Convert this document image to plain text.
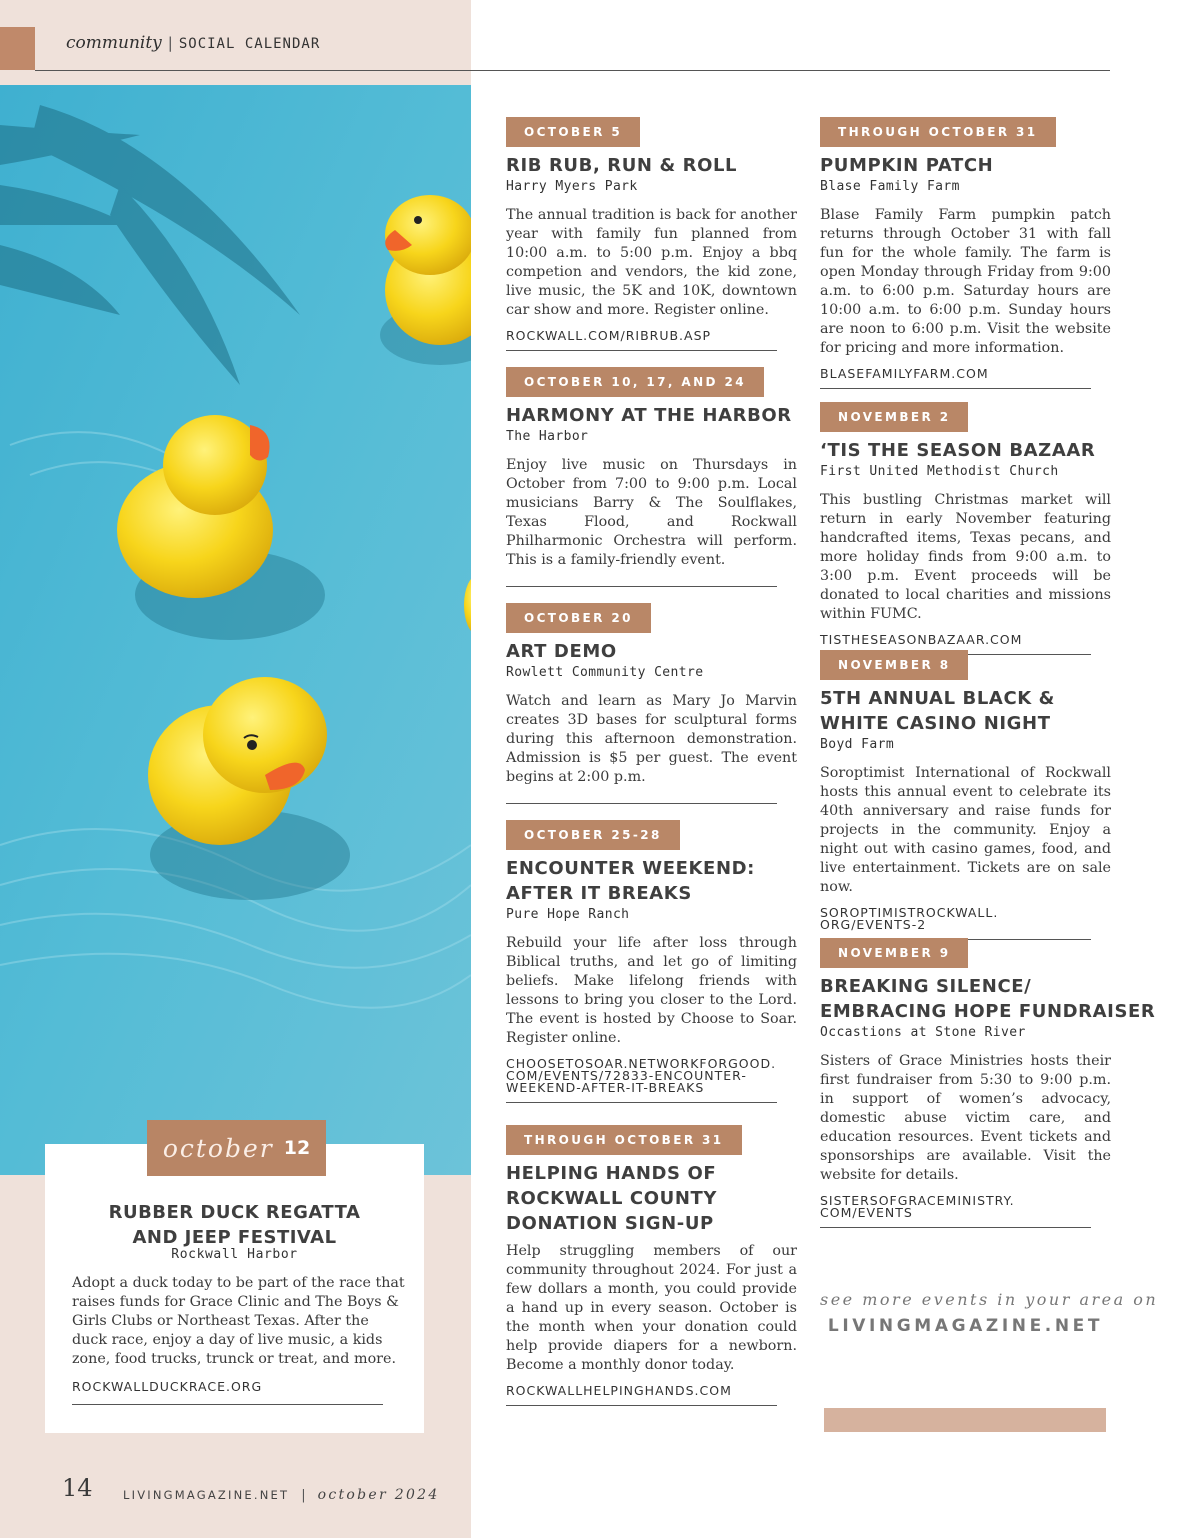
community | SOCIAL CALENDAR
october 12
RUBBER DUCK REGATTA
AND JEEP FESTIVAL
Rockwall Harbor
Adopt a duck today to be part of the race that raises funds for Grace Clinic and The Boys & Girls Clubs or Northeast Texas. After the duck race, enjoy a day of live music, a kids zone, food trucks, trunck or treat, and more.
ROCKWALLDUCKRACE.ORG
OCTOBER 5
RIB RUB, RUN & ROLL
Harry Myers Park
The annual tradition is back for another year with family fun planned from 10:00 a.m. to 5:00 p.m. Enjoy a bbq competion and vendors, the kid zone, live music, the 5K and 10K, downtown car show and more. Register online.
ROCKWALL.COM/RIBRUB.ASP
OCTOBER 10, 17, AND 24
HARMONY AT THE HARBOR
The Harbor
Enjoy live music on Thursdays in October from 7:00 to 9:00 p.m. Local musicians Barry & The Soulflakes, Texas Flood, and Rockwall Philharmonic Orchestra will perform. This is a family-friendly event.
OCTOBER 20
ART DEMO
Rowlett Community Centre
Watch and learn as Mary Jo Marvin creates 3D bases for sculptural forms during this afternoon demonstration. Admission is $5 per guest. The event begins at 2:00 p.m.
OCTOBER 25-28
ENCOUNTER WEEKEND:
AFTER IT BREAKS
Pure Hope Ranch
Rebuild your life after loss through Biblical truths, and let go of limiting beliefs. Make lifelong friends with lessons to bring you closer to the Lord. The event is hosted by Choose to Soar. Register online.
CHOOSETOSOAR.NETWORKFORGOOD.
COM/EVENTS/72833-ENCOUNTER-
WEEKEND-AFTER-IT-BREAKS
THROUGH OCTOBER 31
HELPING HANDS OF
ROCKWALL COUNTY
DONATION SIGN-UP
Help struggling members of our community throughout 2024. For just a few dollars a month, you could provide a hand up in every season. October is the month when your donation could help provide diapers for a newborn. Become a monthly donor today.
ROCKWALLHELPINGHANDS.COM
THROUGH OCTOBER 31
PUMPKIN PATCH
Blase Family Farm
Blase Family Farm pumpkin patch returns through October 31 with fall fun for the whole family. The farm is open Monday through Friday from 9:00 a.m. to 6:00 p.m. Saturday hours are 10:00 a.m. to 6:00 p.m. Sunday hours are noon to 6:00 p.m. Visit the website for pricing and more information.
BLASEFAMILYFARM.COM
NOVEMBER 2
‘TIS THE SEASON BAZAAR
First United Methodist Church
This bustling Christmas market will return in early November featuring handcrafted items, Texas pecans, and more holiday finds from 9:00 a.m. to 3:00 p.m. Event proceeds will be donated to local charities and missions within FUMC.
TISTHESEASONBAZAAR.COM
NOVEMBER 8
5TH ANNUAL BLACK &
WHITE CASINO NIGHT
Boyd Farm
Soroptimist International of Rockwall hosts this annual event to celebrate its 40th anniversary and raise funds for projects in the community. Enjoy a night out with casino games, food, and live entertainment. Tickets are on sale now.
SOROPTIMISTROCKWALL.
ORG/EVENTS-2
NOVEMBER 9
BREAKING SILENCE/
EMBRACING HOPE FUNDRAISER
Occastions at Stone River
Sisters of Grace Ministries hosts their first fundraiser from 5:30 to 9:00 p.m. in support of women’s advocacy, domestic abuse victim care, and education resources. Event tickets and sponsorships are available. Visit the website for details.
SISTERSOFGRACEMINISTRY.
COM/EVENTS
see more events in your area on
LIVINGMAGAZINE.NET
14	LIVINGMAGAZINE.NET | october 2024
